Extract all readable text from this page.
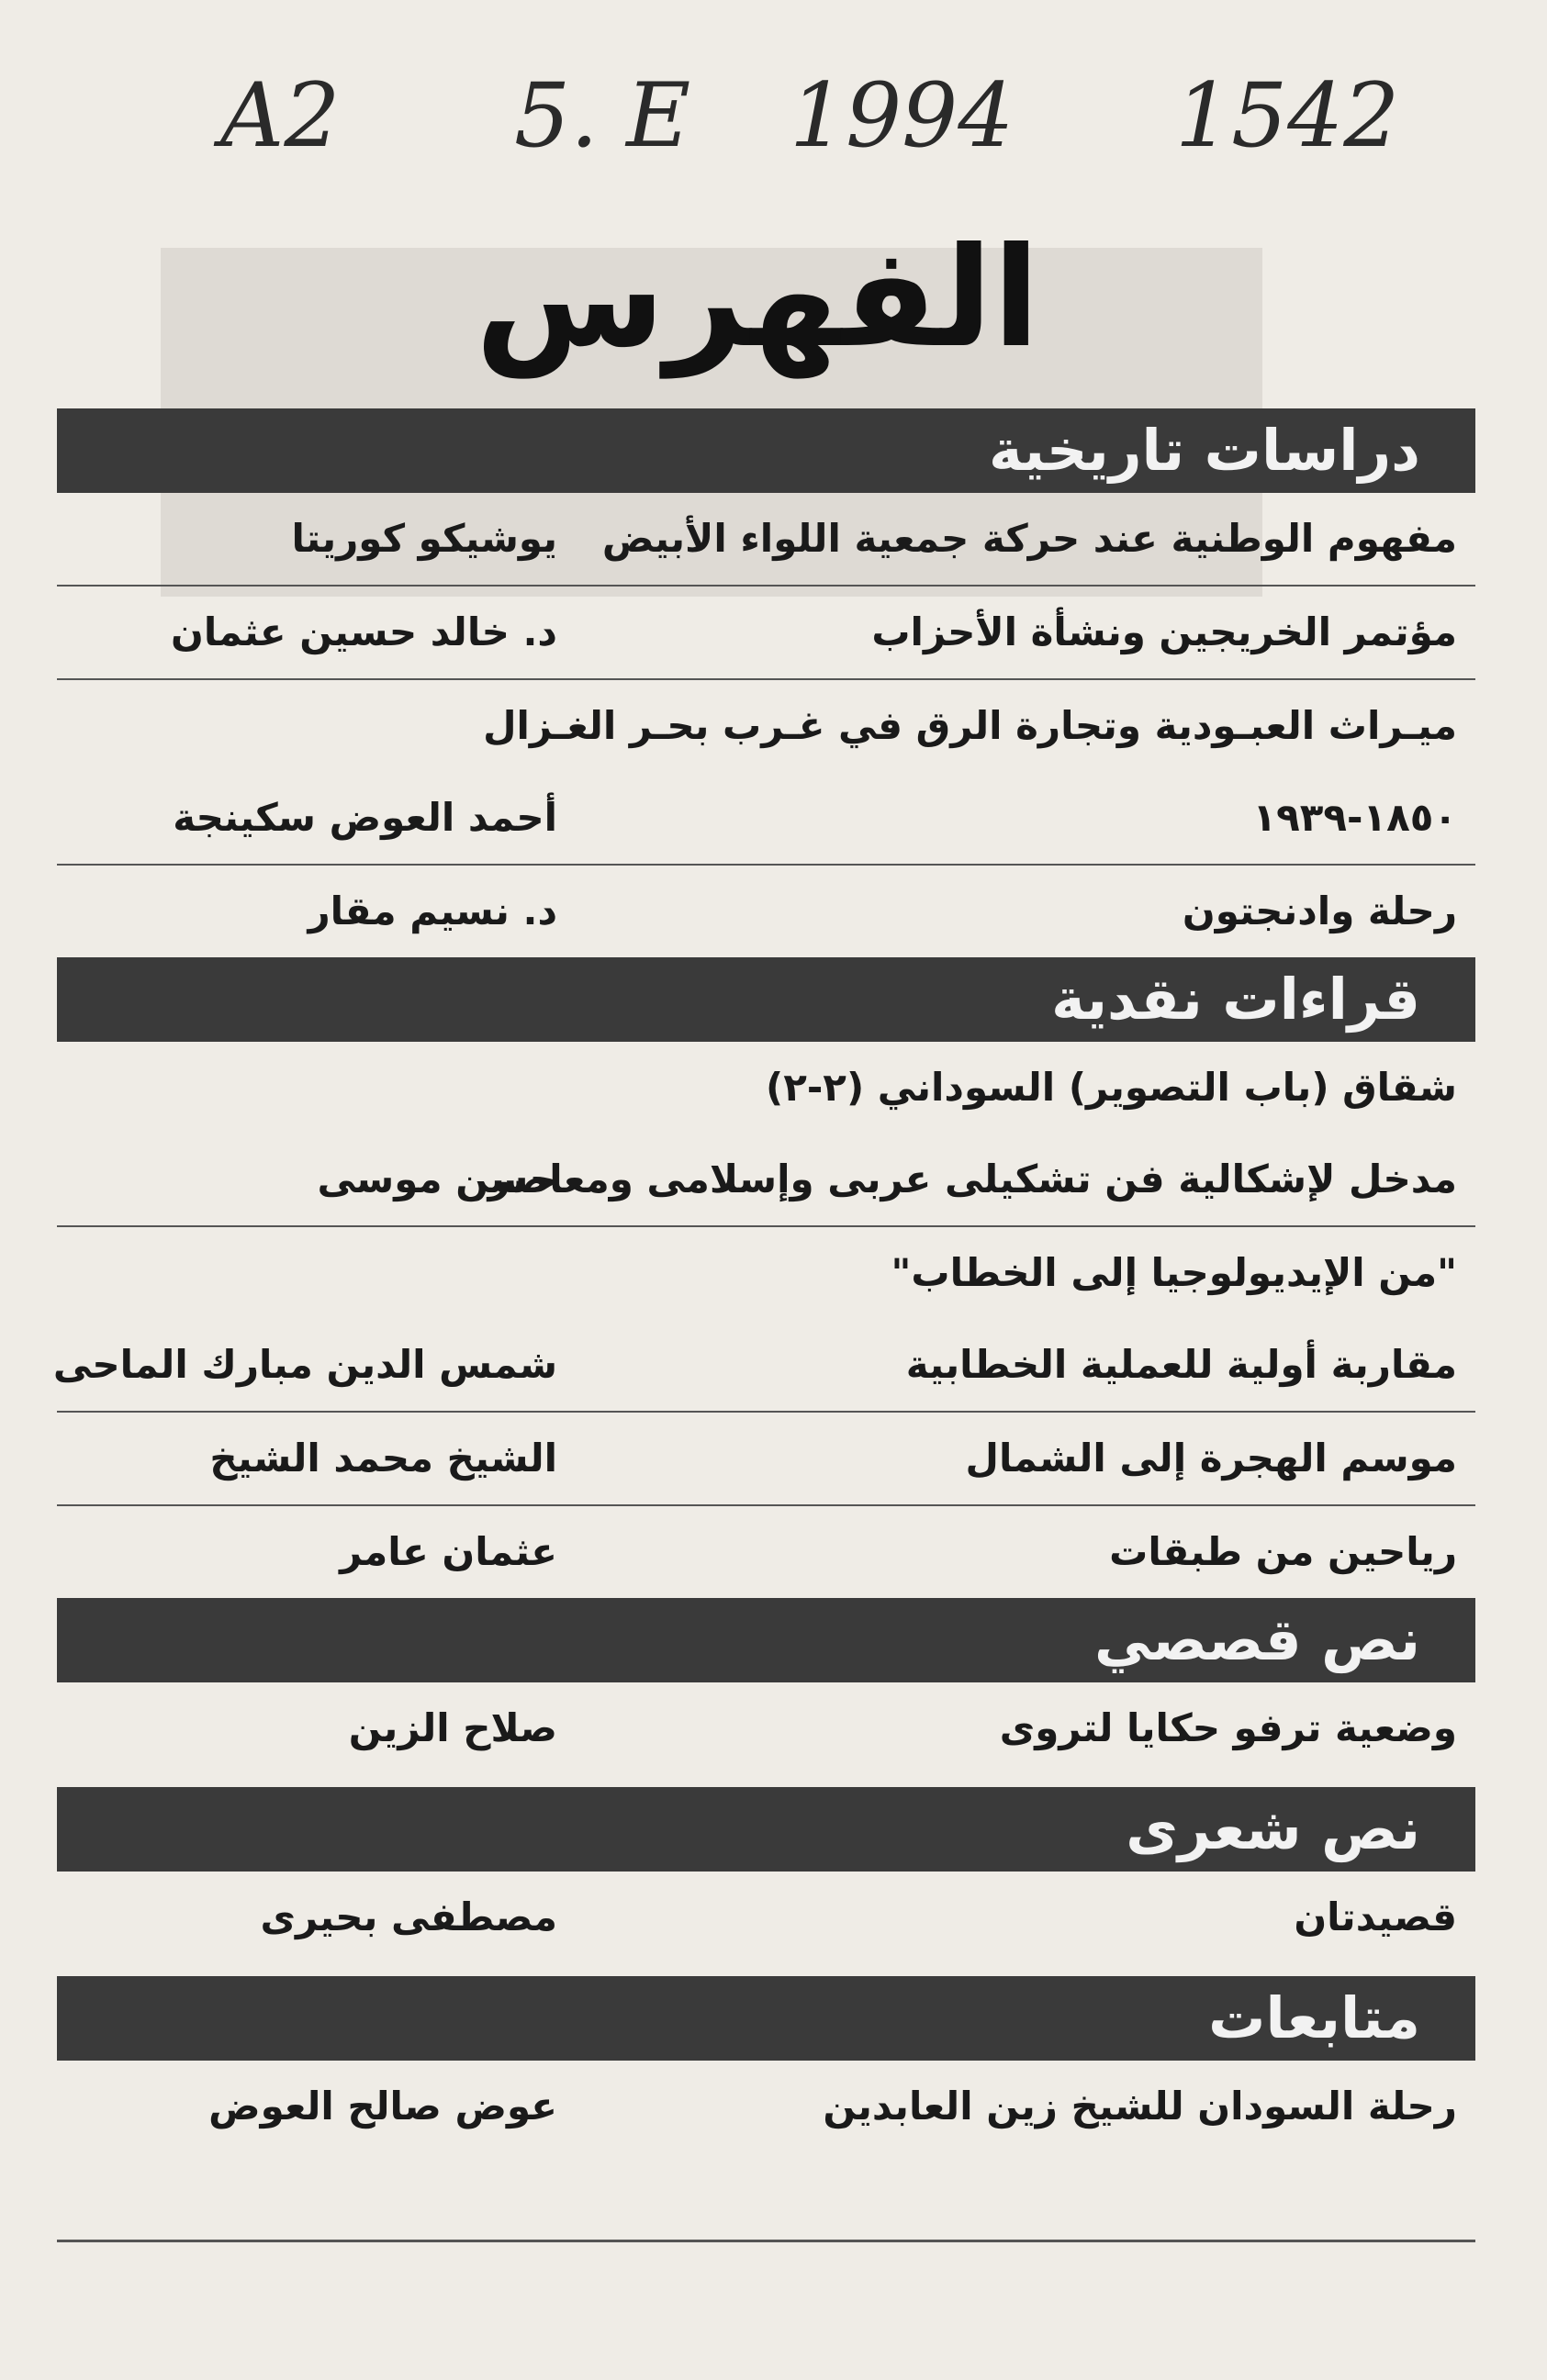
A2 5. E 1994 1542
الفهرس
دراسات تاريخية
مفهوم الوطنية عند حركة جمعية اللواء الأبيض
يوشيكو كوريتا
مؤتمر الخريجين ونشأة الأحزاب
د. خالد حسين عثمان
ميـراث العبـودية وتجارة الرق في غـرب بحـر الغـزال
١٨٥٠-١٩٣٩
أحمد العوض سكينجة
رحلة وادنجتون
د. نسيم مقار
قراءات نقدية
شقاق (باب التصوير) السوداني (٢-٢)
مدخل لإشكالية فن تشكيلى عربى وإسلامى ومعاصر
حسن موسى
"من الإيديولوجيا إلى الخطاب"
مقاربة أولية للعملية الخطابية
شمس الدين مبارك الماحى
موسم الهجرة إلى الشمال
الشيخ محمد الشيخ
رياحين من طبقات
عثمان عامر
نص قصصي
وضعية ترفو حكايا لتروى
صلاح الزين
نص شعرى
قصيدتان
مصطفى بحيرى
متابعات
رحلة السودان للشيخ زين العابدين
عوض صالح العوض
